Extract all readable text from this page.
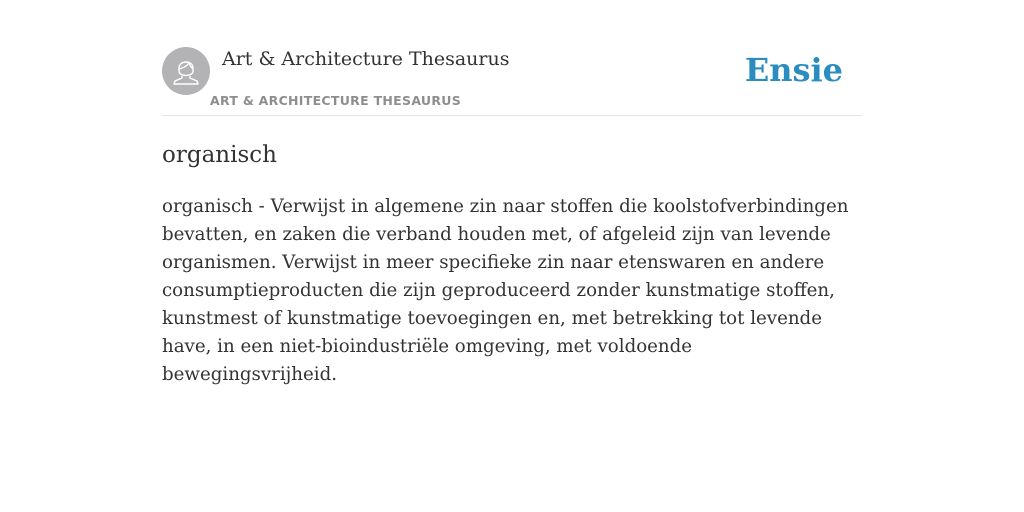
Art & Architecture Thesaurus
ART & ARCHITECTURE THESAURUS
Ensie
organisch

organisch - Verwijst in algemene zin naar stoffen die koolstofverbindingen bevatten, en zaken die verband houden met, of afgeleid zijn van levende organismen. Verwijst in meer specifieke zin naar etenswaren en andere consumptieproducten die zijn geproduceerd zonder kunstmatige stoffen, kunstmest of kunstmatige toevoegingen en, met betrekking tot levende have, in een niet-bioindustriële omgeving, met voldoende bewegingsvrijheid.
